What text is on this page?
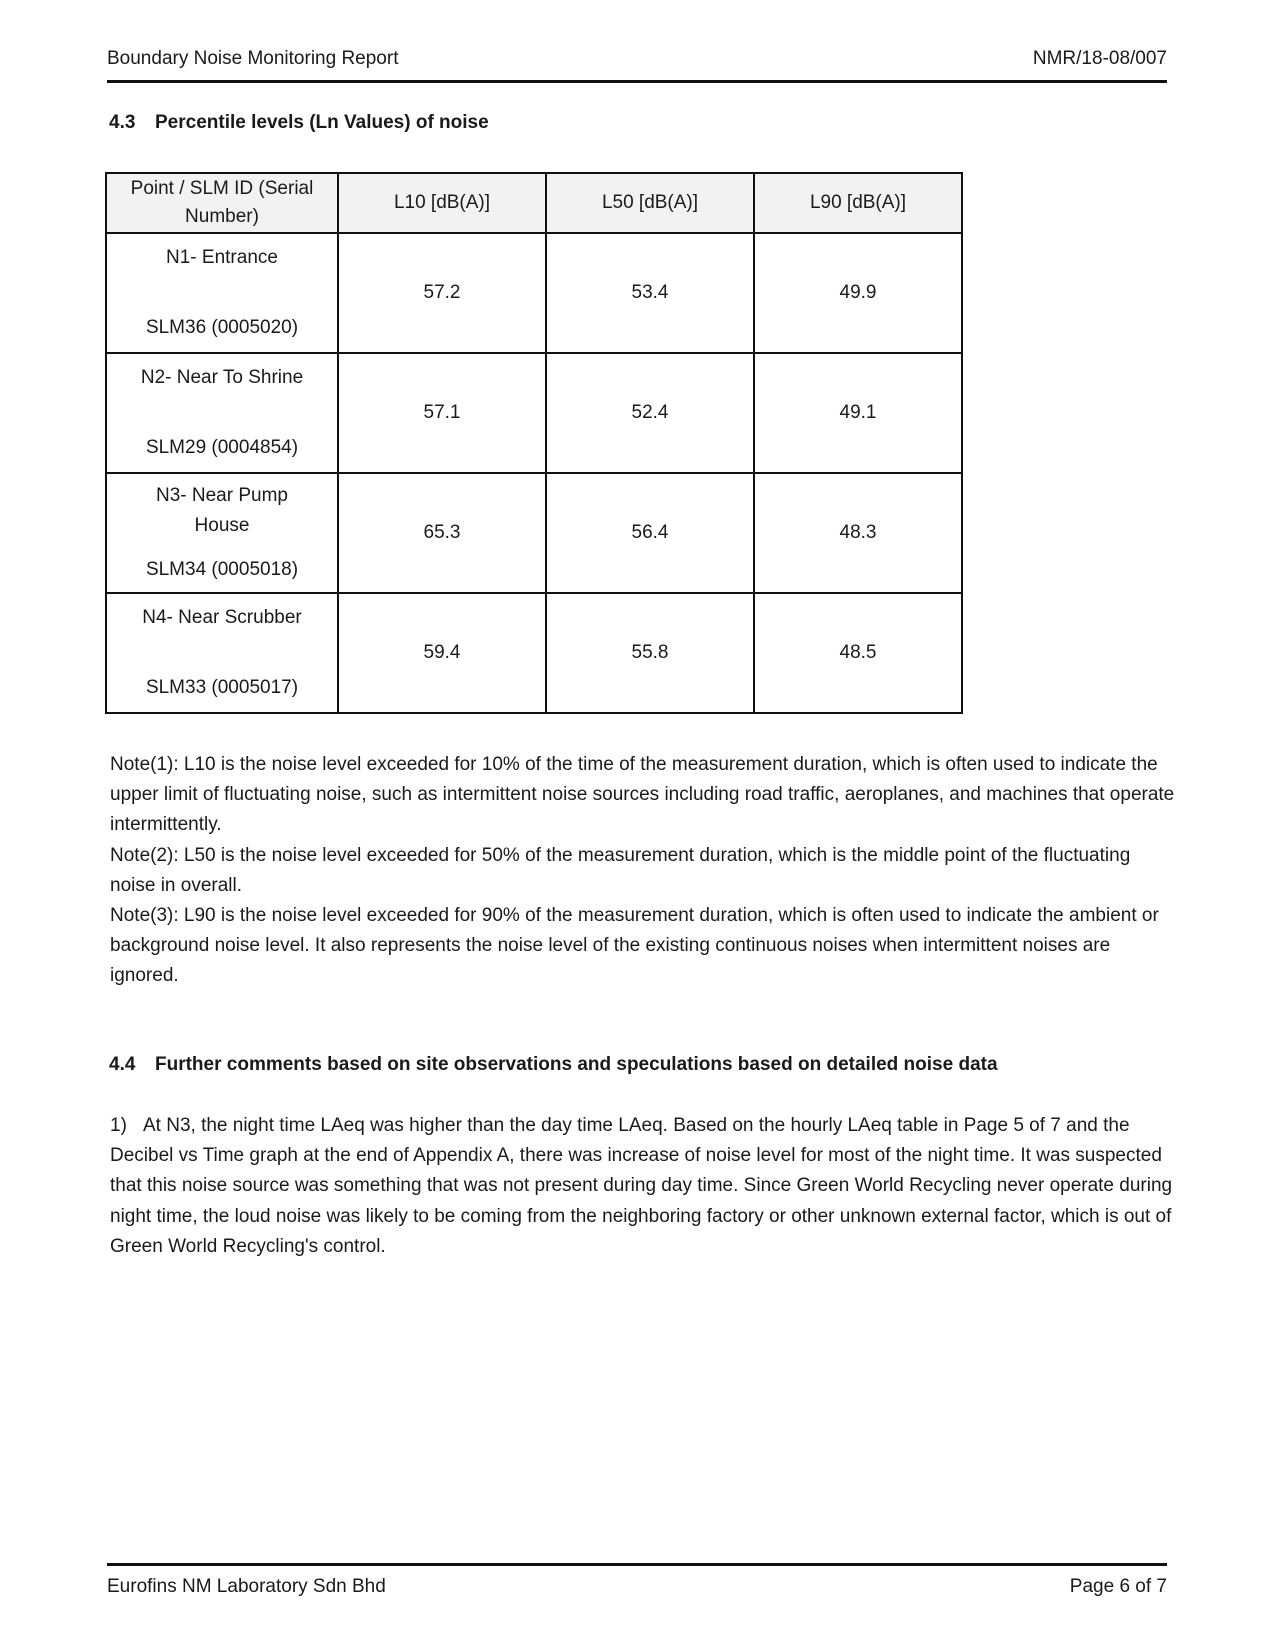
Boundary Noise Monitoring Report	NMR/18-08/007
4.3 Percentile levels (Ln Values) of noise
Point / SLM ID (Serial Number)	L10 [dB(A)]	L50 [dB(A)]	L90 [dB(A)]

N1- Entrance
SLM36 (0005020)	57.2	53.4	49.9

N2- Near To Shrine
SLM29 (0004854)	57.1	52.4	49.1

N3- Near Pump House
SLM34 (0005018)	65.3	56.4	48.3

N4- Near Scrubber
SLM33 (0005017)	59.4	55.8	48.5

Note(1): L10 is the noise level exceeded for 10% of the time of the measurement duration, which is often used to indicate the upper limit of fluctuating noise, such as intermittent noise sources including road traffic, aeroplanes, and machines that operate intermittently.

Note(2): L50 is the noise level exceeded for 50% of the measurement duration, which is the middle point of the fluctuating noise in overall.

Note(3): L90 is the noise level exceeded for 90% of the measurement duration, which is often used to indicate the ambient or background noise level. It also represents the noise level of the existing continuous noises when intermittent noises are ignored.

4.4 Further comments based on site observations and speculations based on detailed noise data

1) At N3, the night time LAeq was higher than the day time LAeq. Based on the hourly LAeq table in Page 5 of 7 and the Decibel vs Time graph at the end of Appendix A, there was increase of noise level for most of the night time. It was suspected that this noise source was something that was not present during day time. Since Green World Recycling never operate during night time, the loud noise was likely to be coming from the neighboring factory or other unknown external factor, which is out of Green World Recycling's control.

Eurofins NM Laboratory Sdn Bhd	Page 6 of 7
